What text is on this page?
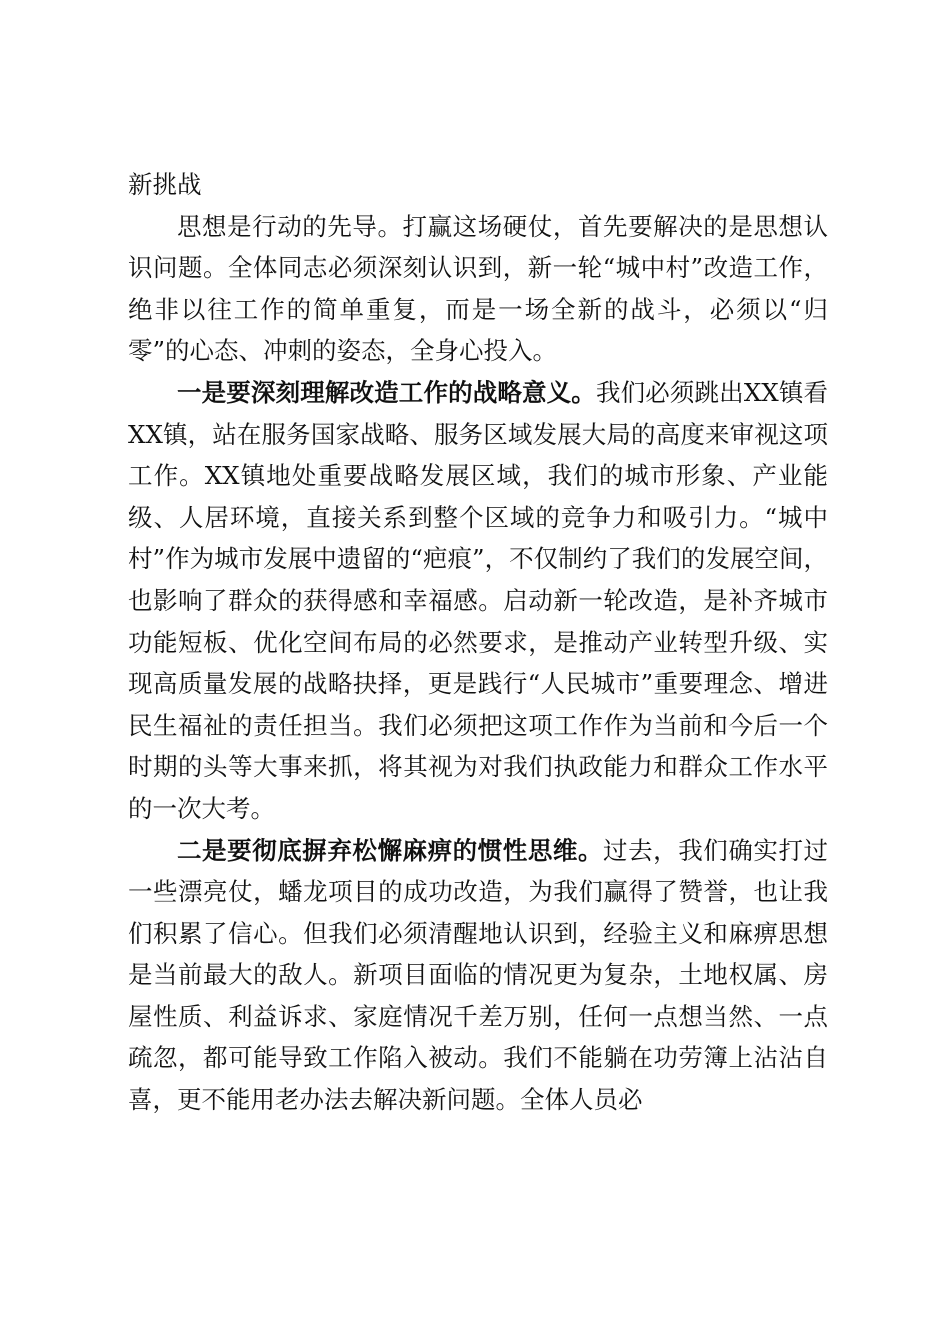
新挑战

思想是行动的先导。打赢这场硬仗，首先要解决的是思想认识问题。全体同志必须深刻认识到，新一轮“城中村”改造工作，绝非以往工作的简单重复，而是一场全新的战斗，必须以“归零”的心态、冲刺的姿态，全身心投入。

一是要深刻理解改造工作的战略意义。我们必须跳出XX镇看XX镇，站在服务国家战略、服务区域发展大局的高度来审视这项工作。XX镇地处重要战略发展区域，我们的城市形象、产业能级、人居环境，直接关系到整个区域的竞争力和吸引力。“城中村”作为城市发展中遗留的“疤痕”，不仅制约了我们的发展空间，也影响了群众的获得感和幸福感。启动新一轮改造，是补齐城市功能短板、优化空间布局的必然要求，是推动产业转型升级、实现高质量发展的战略抉择，更是践行“人民城市”重要理念、增进民生福祉的责任担当。我们必须把这项工作作为当前和今后一个时期的头等大事来抓，将其视为对我们执政能力和群众工作水平的一次大考。

二是要彻底摒弃松懈麻痹的惯性思维。过去，我们确实打过一些漂亮仗，蟠龙项目的成功改造，为我们赢得了赞誉，也让我们积累了信心。但我们必须清醒地认识到，经验主义和麻痹思想是当前最大的敌人。新项目面临的情况更为复杂，土地权属、房屋性质、利益诉求、家庭情况千差万别，任何一点想当然、一点疏忽，都可能导致工作陷入被动。我们不能躺在功劳簿上沾沾自喜，更不能用老办法去解决新问题。全体人员必
